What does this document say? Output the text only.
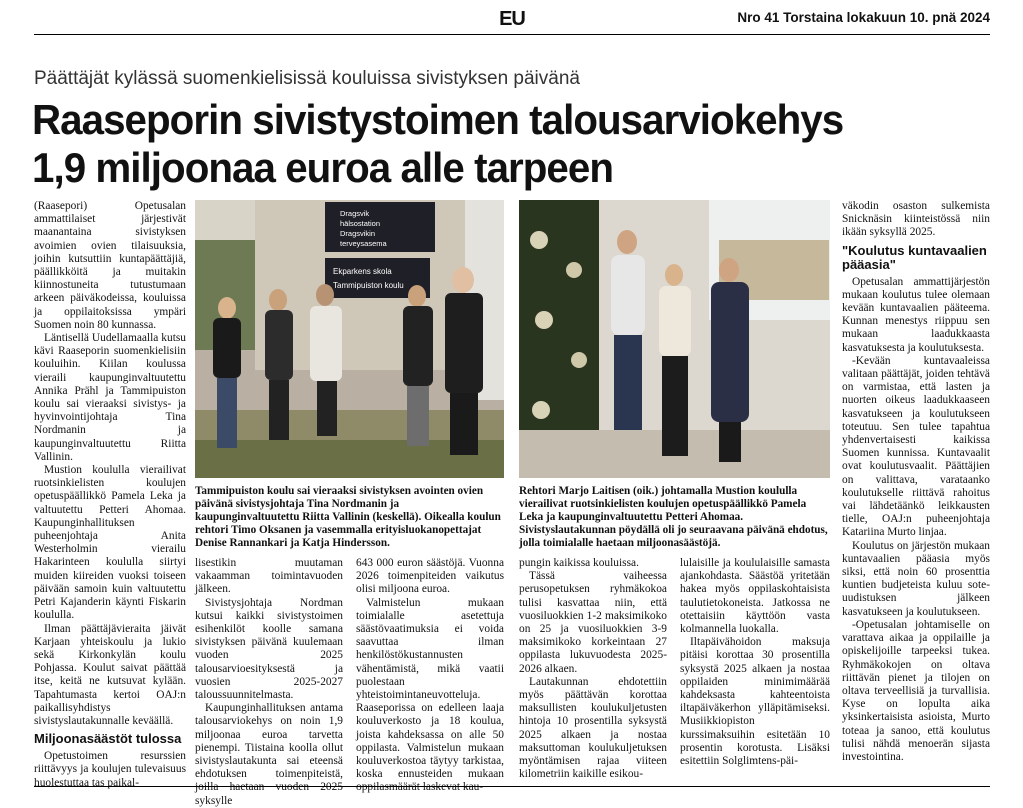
EU	Nro 41 Torstaina lokakuun 10. pnä 2024
Päättäjät kylässä suomenkielisissä kouluissa sivistyksen päivänä
Raaseporin sivistystoimen talousarviokehys
1,9 miljoonaa euroa alle tarpeen

(Raasepori) Opetusalan ammattilaiset järjestivät maanantaina sivistyksen avoimien ovien tilaisuuksia, joihin kutsuttiin kuntapäättäjiä, päällikköitä ja muitakin kiinnostuneita tutustumaan arkeen päiväkodeissa, kouluissa ja oppilaitoksissa ympäri Suomen noin 80 kunnassa.

Läntisellä Uudellamaalla kutsu kävi Raaseporin suomenkielisiin kouluihin. Kiilan koulussa vieraili kaupunginvaltuutettu Annika Prähl ja Tammipuiston koulu sai vieraaksi sivistys- ja hyvinvointijohtaja Tina Nordmanin ja kaupunginvaltuutettu Riitta Vallinin.

Mustion koululla vierailivat ruotsinkielisten koulujen opetuspäällikkö Pamela Leka ja valtuutettu Petteri Ahomaa. Kaupunginhallituksen puheenjohtaja Anita Westerholmin vierailu Hakarinteen koululla siirtyi muiden kiireiden vuoksi toiseen päivään samoin kuin valtuutettu Petri Kajanderin käynti Fiskarin koululla.

Ilman päättäjävieraita jäivät Karjaan yhteiskoulu ja lukio sekä Kirkonkylän koulu Pohjassa. Koulut saivat päättää itse, keitä ne kutsuvat kylään. Tapahtumasta kertoi OAJ:n paikallisyhdistys sivistyslautakunnalle keväällä.

Miljoonasäästöt tulossa

Opetustoimen resurssien riittävyys ja koulujen tulevaisuus huolestuttaa tas paikal-

Dragsvik
hälsostation
Dragsvikin
terveysasema
Ekparkens skola
Tammipuiston koulu
Tammipuiston koulu sai vieraaksi sivistyksen avointen ovien päivänä sivistysjohtaja Tina Nordmanin ja kaupunginvaltuutettu Riitta Vallinin (keskellä). Oikealla koulun rehtori Timo Oksanen ja vasemmalla erityisluokanopettajat Denise Rannankari ja Katja Hindersson.
Rehtori Marjo Laitisen (oik.) johtamalla Mustion koululla vierailivat ruotsinkielisten koulujen opetuspäällikkö Pamela Leka ja kaupunginvaltuutettu Petteri Ahomaa. Sivistyslautakunnan pöydällä oli jo seuraavana päivänä ehdotus, jolla toimialalle haetaan miljoonasäästöjä.

lisestikin muutaman vakaamman toimintavuoden jälkeen.

Sivistysjohtaja Nordman kutsui kaikki sivistystoimen esihenkilöt koolle samana sivistyksen päivänä kuulemaan vuoden 2025 talousarvioesityksestä ja vuosien 2025-2027 taloussuunnitelmasta.

Kaupunginhallituksen antama talousarviokehys on noin 1,9 miljoonaa euroa tarvetta pienempi. Tiistaina koolla ollut sivistyslautakunta sai eteensä ehdotuksen toimenpiteistä, joilla haetaan vuoden 2025 syksylle

643 000 euron säästöjä. Vuonna 2026 toimenpiteiden vaikutus olisi miljoona euroa.

Valmistelun mukaan toimialalle asetettuja säästövaatimuksia ei voida saavuttaa ilman henkilöstökustannusten vähentämistä, mikä vaatii puolestaan yhteistoimintaneuvotteluja. Raaseporissa on edelleen laaja kouluverkosto ja 18 koulua, joista kahdeksassa on alle 50 oppilasta. Valmistelun mukaan kouluverkostoa täytyy tarkistaa, koska ennusteiden mukaan oppilasmäärät laskevat kau-

pungin kaikissa kouluissa.

Tässä vaiheessa perusopetuksen ryhmäkokoa tulisi kasvattaa niin, että vuosiluokkien 1-2 maksimikoko on 25 ja vuosiluokkien 3-9 maksimikoko korkeintaan 27 oppilasta lukuvuodesta 2025-2026 alkaen.

Lautakunnan ehdotettiin myös päättävän korottaa maksullisten koulukuljetusten hintoja 10 prosentilla syksystä 2025 alkaen ja nostaa maksuttoman koulukuljetuksen myöntämisen rajaa viiteen kilometriin kaikille esikou-

lulaisille ja koululaisille samasta ajankohdasta. Säästöä yritetään hakea myös oppilaskohtaisista taulutietokoneista. Jatkossa ne otettaisiin käyttöön vasta kolmannella luokalla.

Iltapäivähoidon maksuja pitäisi korottaa 30 prosentilla syksystä 2025 alkaen ja nostaa oppilaiden minimimäärää kahdeksasta kahteentoista iltapäiväkerhon ylläpitämiseksi. Musiikkiopiston kurssimaksuihin esitetään 10 prosentin korotusta. Lisäksi esitettiin Solglimtens-päi-

väkodin osaston sulkemista Snicknäsin kiinteistössä niin ikään syksyllä 2025.

"Koulutus kuntavaalien pääasia"

Opetusalan ammattijärjestön mukaan koulutus tulee olemaan kevään kuntavaalien pääteema. Kunnan menestys riippuu sen mukaan laadukkaasta kasvatuksesta ja koulutuksesta.

-Kevään kuntavaaleissa valitaan päättäjät, joiden tehtävä on varmistaa, että lasten ja nuorten oikeus laadukkaaseen kasvatukseen ja koulutukseen toteutuu. Sen tulee tapahtua yhdenvertaisesti kaikissa Suomen kunnissa. Kuntavaalit ovat koulutusvaalit. Päättäjien on valittava, varataanko koulutukselle riittävä rahoitus vai lähdetäänkö leikkausten tielle, OAJ:n puheenjohtaja Katariina Murto linjaa.

Koulutus on järjestön mukaan kuntavaalien pääasia myös siksi, että noin 60 prosenttia kuntien budjeteista kuluu sote-uudistuksen jälkeen kasvatukseen ja koulutukseen.

-Opetusalan johtamiselle on varattava aikaa ja oppilaille ja opiskelijoille tarpeeksi tukea. Ryhmäkokojen on oltava riittävän pienet ja tilojen on oltava terveellisiä ja turvallisia. Kyse on lopulta aika yksinkertaisista asioista, Murto toteaa ja sanoo, että koulutus tulisi nähdä menoerän sijasta investointina.
